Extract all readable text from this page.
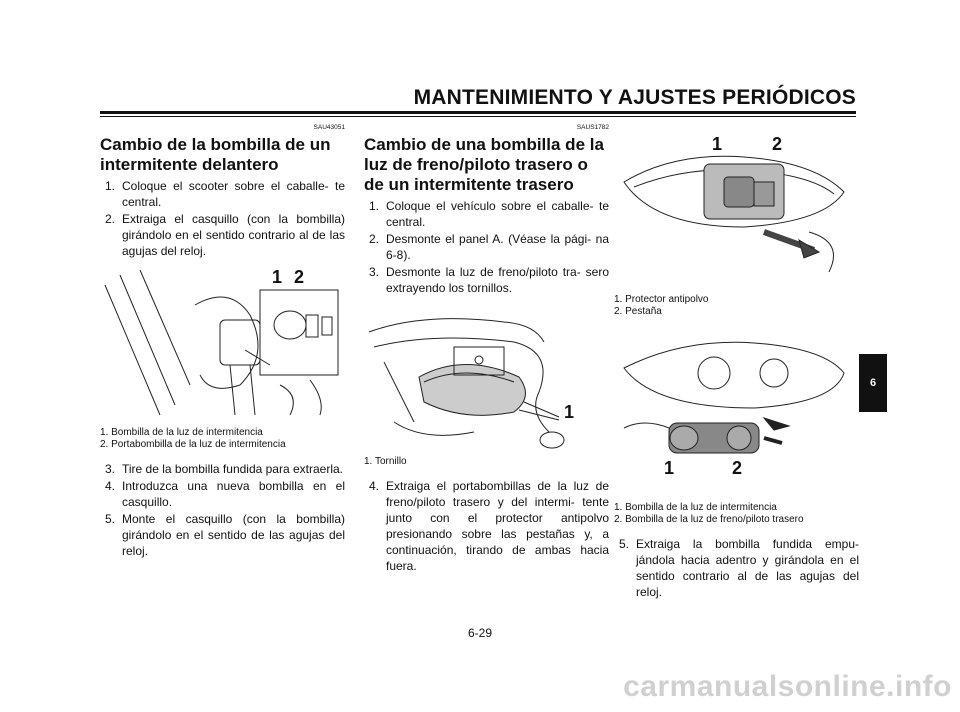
MANTENIMIENTO Y AJUSTES PERIÓDICOS
SAU43051
Cambio de la bombilla de un intermitente delantero
1. Coloque el scooter sobre el caballe- te central.
2. Extraiga el casquillo (con la bombilla) girándolo en el sentido contrario al de las agujas del reloj.
1 2
1. Bombilla de la luz de intermitencia
2. Portabombilla de la luz de intermitencia
3. Tire de la bombilla fundida para extraerla.
4. Introduzca una nueva bombilla en el casquillo.
5. Monte el casquillo (con la bombilla) girándolo en el sentido de las agujas del reloj.
SAUS1782
Cambio de una bombilla de la luz de freno/piloto trasero o de un intermitente trasero
1. Coloque el vehículo sobre el caballe- te central.
2. Desmonte el panel A. (Véase la pági- na 6-8).
3. Desmonte la luz de freno/piloto tra- sero extrayendo los tornillos.
1
1. Tornillo
4. Extraiga el portabombillas de la luz de freno/piloto trasero y del intermi- tente junto con el protector antipolvo presionando sobre las pestañas y, a continuación, tirando de ambas hacia fuera.
1	2
1. Protector antipolvo
2. Pestaña
1	2
1. Bombilla de la luz de intermitencia
2. Bombilla de la luz de freno/piloto trasero
5. Extraiga la bombilla fundida empu- jándola hacia adentro y girándola en el sentido contrario al de las agujas del reloj.
6
6-29
carmanualsonline.info
